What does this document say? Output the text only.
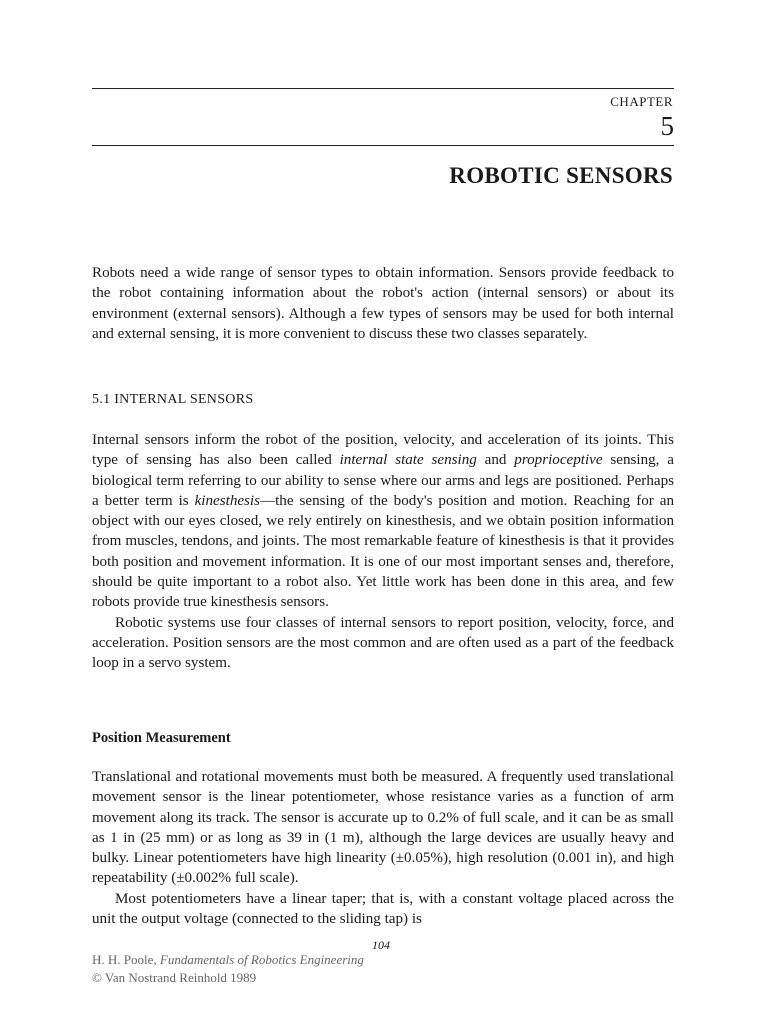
CHAPTER
5
ROBOTIC SENSORS

Robots need a wide range of sensor types to obtain information. Sensors provide feedback to the robot containing information about the robot's action (internal sensors) or about its environment (external sensors). Although a few types of sensors may be used for both internal and external sensing, it is more convenient to discuss these two classes separately.

5.1 INTERNAL SENSORS

Internal sensors inform the robot of the position, velocity, and acceleration of its joints. This type of sensing has also been called internal state sensing and proprioceptive sensing, a biological term referring to our ability to sense where our arms and legs are positioned. Perhaps a better term is kinesthesis—the sensing of the body's position and motion. Reaching for an object with our eyes closed, we rely entirely on kinesthesis, and we obtain position information from muscles, tendons, and joints. The most remarkable feature of kinesthesis is that it provides both position and movement information. It is one of our most important senses and, therefore, should be quite important to a robot also. Yet little work has been done in this area, and few robots provide true kinesthesis sensors.

Robotic systems use four classes of internal sensors to report position, velocity, force, and acceleration. Position sensors are the most common and are often used as a part of the feedback loop in a servo system.

Position Measurement

Translational and rotational movements must both be measured. A frequently used translational movement sensor is the linear potentiometer, whose resistance varies as a function of arm movement along its track. The sensor is accurate up to 0.2% of full scale, and it can be as small as 1 in (25 mm) or as long as 39 in (1 m), although the large devices are usually heavy and bulky. Linear potentiometers have high linearity (±0.05%), high resolution (0.001 in), and high repeatability (±0.002% full scale).

Most potentiometers have a linear taper; that is, with a constant voltage placed across the unit the output voltage (connected to the sliding tap) is

104
H. H. Poole, Fundamentals of Robotics Engineering
© Van Nostrand Reinhold 1989
